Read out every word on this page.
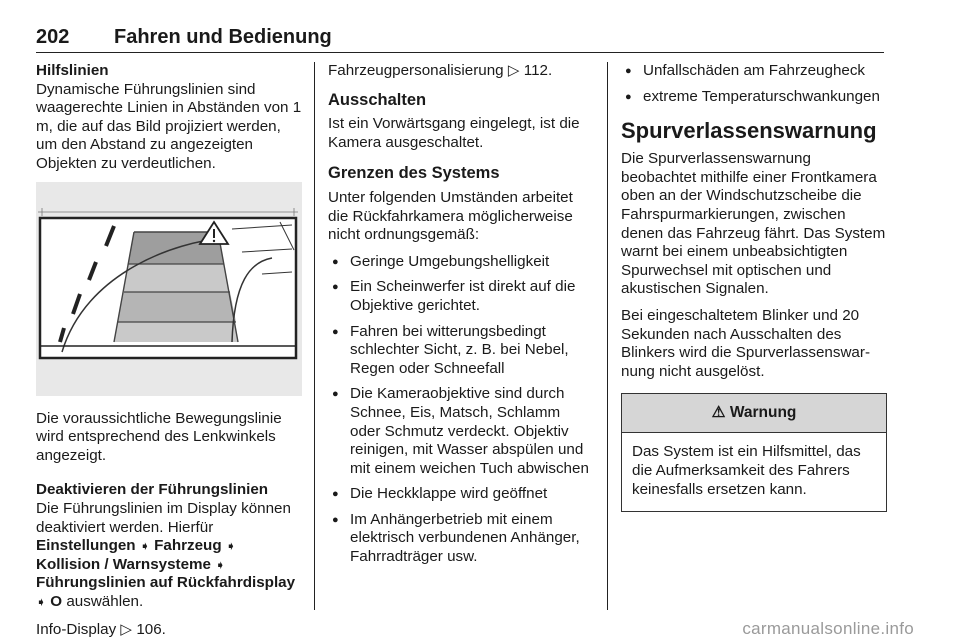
202 Fahren und Bedienung

Hilfslinien

Dynamische Führungslinien sind waagerechte Linien in Abständen von 1 m, die auf das Bild projiziert werden, um den Abstand zu angezeigten Objekten zu verdeutlichen.

Die voraussichtliche Bewegungslinie wird entsprechend des Lenkwinkels angezeigt.

Deaktivieren der Führungslinien

Die Führungslinien im Display können deaktiviert werden. Hierfür Einstellungen ➧ Fahrzeug ➧ Kollision / Warnsysteme ➧ Führungslinien auf Rückfahrdisplay ➧ O auswählen.

Info-Display ▷ 106.

Fahrzeugpersonalisierung ▷ 112.

Ausschalten

Ist ein Vorwärtsgang eingelegt, ist die Kamera ausgeschaltet.

Grenzen des Systems

Unter folgenden Umständen arbeitet die Rückfahrkamera möglicherweise nicht ordnungsgemäß:

● Geringe Umgebungshelligkeit
● Ein Scheinwerfer ist direkt auf die Objektive gerichtet.
● Fahren bei witterungsbedingt schlechter Sicht, z. B. bei Nebel, Regen oder Schneefall
● Die Kameraobjektive sind durch Schnee, Eis, Matsch, Schlamm oder Schmutz verdeckt. Objektiv reinigen, mit Wasser abspülen und mit einem weichen Tuch abwischen
● Die Heckklappe wird geöffnet
● Im Anhängerbetrieb mit einem elektrisch verbundenen Anhänger, Fahrradträger usw.
● Unfallschäden am Fahrzeugheck
● extreme Temperaturschwankungen

Spurverlassenswarnung

Die Spurverlassenswarnung beobachtet mithilfe einer Frontkamera oben an der Windschutzscheibe die Fahrspurmarkierungen, zwischen denen das Fahrzeug fährt. Das System warnt bei einem unbeabsichtigten Spurwechsel mit optischen und akustischen Signalen.

Bei eingeschaltetem Blinker und 20 Sekunden nach Ausschalten des Blinkers wird die Spurverlassenswarnung nicht ausgelöst.

⚠ Warnung
Das System ist ein Hilfsmittel, das die Aufmerksamkeit des Fahrers keinesfalls ersetzen kann.
carmanualsonline.info
